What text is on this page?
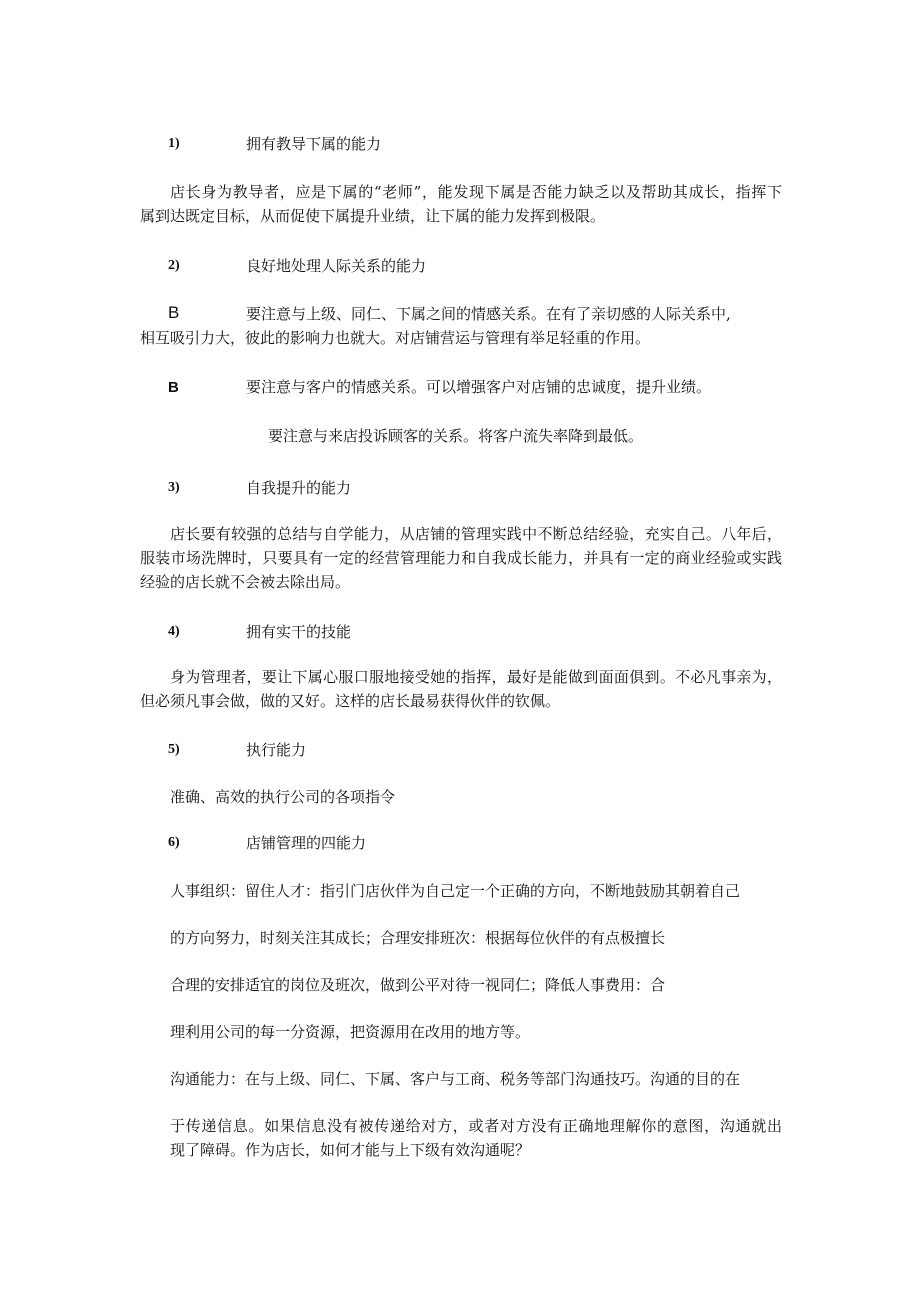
1)	拥有教导下属的能力
店长身为教导者，应是下属的“老师”，能发现下属是否能力缺乏以及帮助其成长，指挥下
属到达既定目标，从而促使下属提升业绩，让下属的能力发挥到极限。
2)	良好地处理人际关系的能力
B	要注意与上级、同仁、下属之间的情感关系。在有了亲切感的人际关系中,
相互吸引力大，彼此的影响力也就大。对店铺营运与管理有举足轻重的作用。
B	要注意与客户的情感关系。可以增强客户对店铺的忠诚度，提升业绩。
要注意与来店投诉顾客的关系。将客户流失率降到最低。
3)	自我提升的能力
店长要有较强的总结与自学能力，从店铺的管理实践中不断总结经验，充实自己。八年后，
服装市场洗牌时，只要具有一定的经营管理能力和自我成长能力，并具有一定的商业经验或实践
经验的店长就不会被去除出局。
4)	拥有实干的技能
身为管理者，要让下属心服口服地接受她的指挥，最好是能做到面面俱到。不必凡事亲为，
但必须凡事会做，做的又好。这样的店长最易获得伙伴的钦佩。
5)	执行能力
准确、高效的执行公司的各项指令
6)	店铺管理的四能力
人事组织：留住人才：指引门店伙伴为自己定一个正确的方向，不断地鼓励其朝着自己
的方向努力，时刻关注其成长；合理安排班次：根据每位伙伴的有点极擅长
合理的安排适宜的岗位及班次，做到公平对待一视同仁；降低人事费用：合
理利用公司的每一分资源，把资源用在改用的地方等。
沟通能力：在与上级、同仁、下属、客户与工商、税务等部门沟通技巧。沟通的目的在
于传递信息。如果信息没有被传递给对方，或者对方没有正确地理解你的意图，沟通就出
现了障碍。作为店长，如何才能与上下级有效沟通呢？
